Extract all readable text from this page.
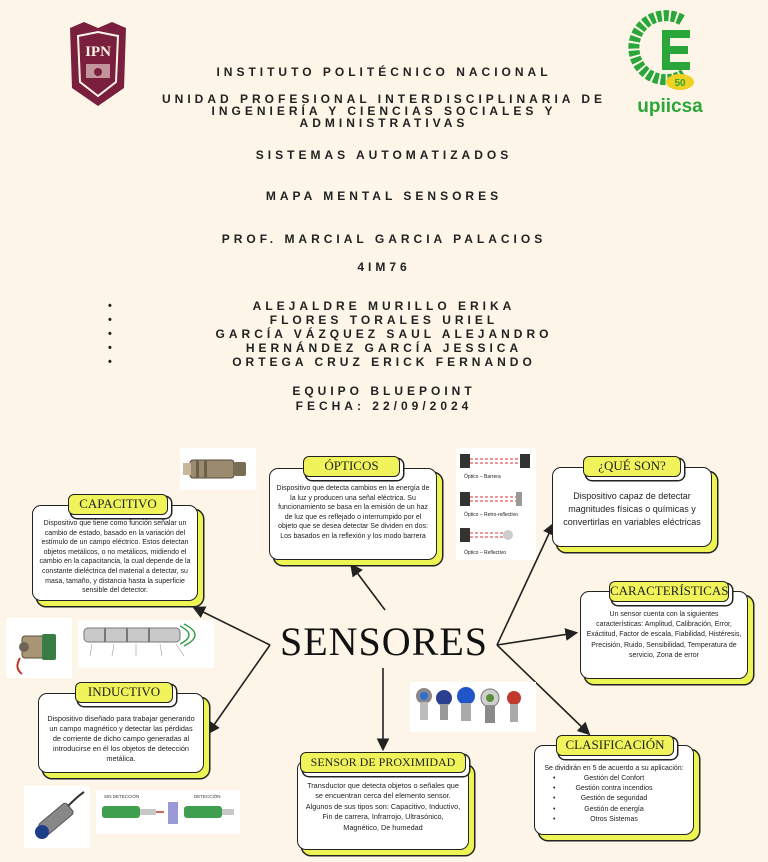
IPN
50
upiicsa
INSTITUTO POLITÉCNICO NACIONAL
UNIDAD PROFESIONAL INTERDISCIPLINARIA DE INGENIERÍA Y CIENCIAS SOCIALES Y ADMINISTRATIVAS
SISTEMAS AUTOMATIZADOS
MAPA MENTAL SENSORES
PROF. MARCIAL GARCIA PALACIOS
4IM76
• ALEJALDRE MURILLO ERIKA
• FLORES TORALES URIEL
• GARCÍA VÁZQUEZ SAUL ALEJANDRO
• HERNÁNDEZ GARCÍA JESSICA
• ORTEGA CRUZ ERICK FERNANDO
EQUIPO BLUEPOINT
FECHA: 22/09/2024
SENSORES
Dispositivo que detecta cambios en la energía de la luz y producen una señal eléctrica. Su funcionamiento se basa en la emisión de un haz de luz que es reflejado o interrumpido por el objeto que se desea detectar Se dividen en dos: Los basados en la reflexión y los modo barrera
ÓPTICOS
Dispositivo que tiene como función señalar un cambio de estado, basado en la variación del estímulo de un campo eléctrico. Estos detectan objetos metálicos, o no metálicos, midiendo el cambio en la capacitancia, la cual depende de la constante dieléctrica del material a detectar, su masa, tamaño, y distancia hasta la superficie sensible del detector.
CAPACITIVO
Dispositivo diseñado para trabajar generando un campo magnético y detectar las pérdidas de corriente de dicho campo generadas al introducirse en él los objetos de detección metálica.
INDUCTIVO
Transductor que detecta objetos o señales que se encuentran cerca del elemento sensor. Algunos de sus tipos son: Capacitivo, Inductivo, Fin de carrera, Infrarrojo, Ultrasónico, Magnético, De humedad
SENSOR DE PROXIMIDAD
Dispositivo capaz de detectar magnitudes físicas o químicas y convertirlas en variables eléctricas
¿QUÉ SON?
Un sensor cuenta con la siguientes características: Amplitud, Calibración, Error, Exáctitud, Factor de escala, Fiabilidad, Histéresis, Precisión, Ruido, Sensibilidad, Temperatura de servicio, Zona de error
CARACTERÍSTICAS
Se dividirán en 5 de acuerdo a su aplicación:
• Gestión del Confort
• Gestión contra incendios
• Gestión de seguridad
• Gestión de energía
• Otros Sistemas
CLASIFICACIÓN
Óptico – Barrera
Óptico – Retro-reflectivo
Óptico – Reflectivo
SIN DETECCIÓN	DETECCIÓN
